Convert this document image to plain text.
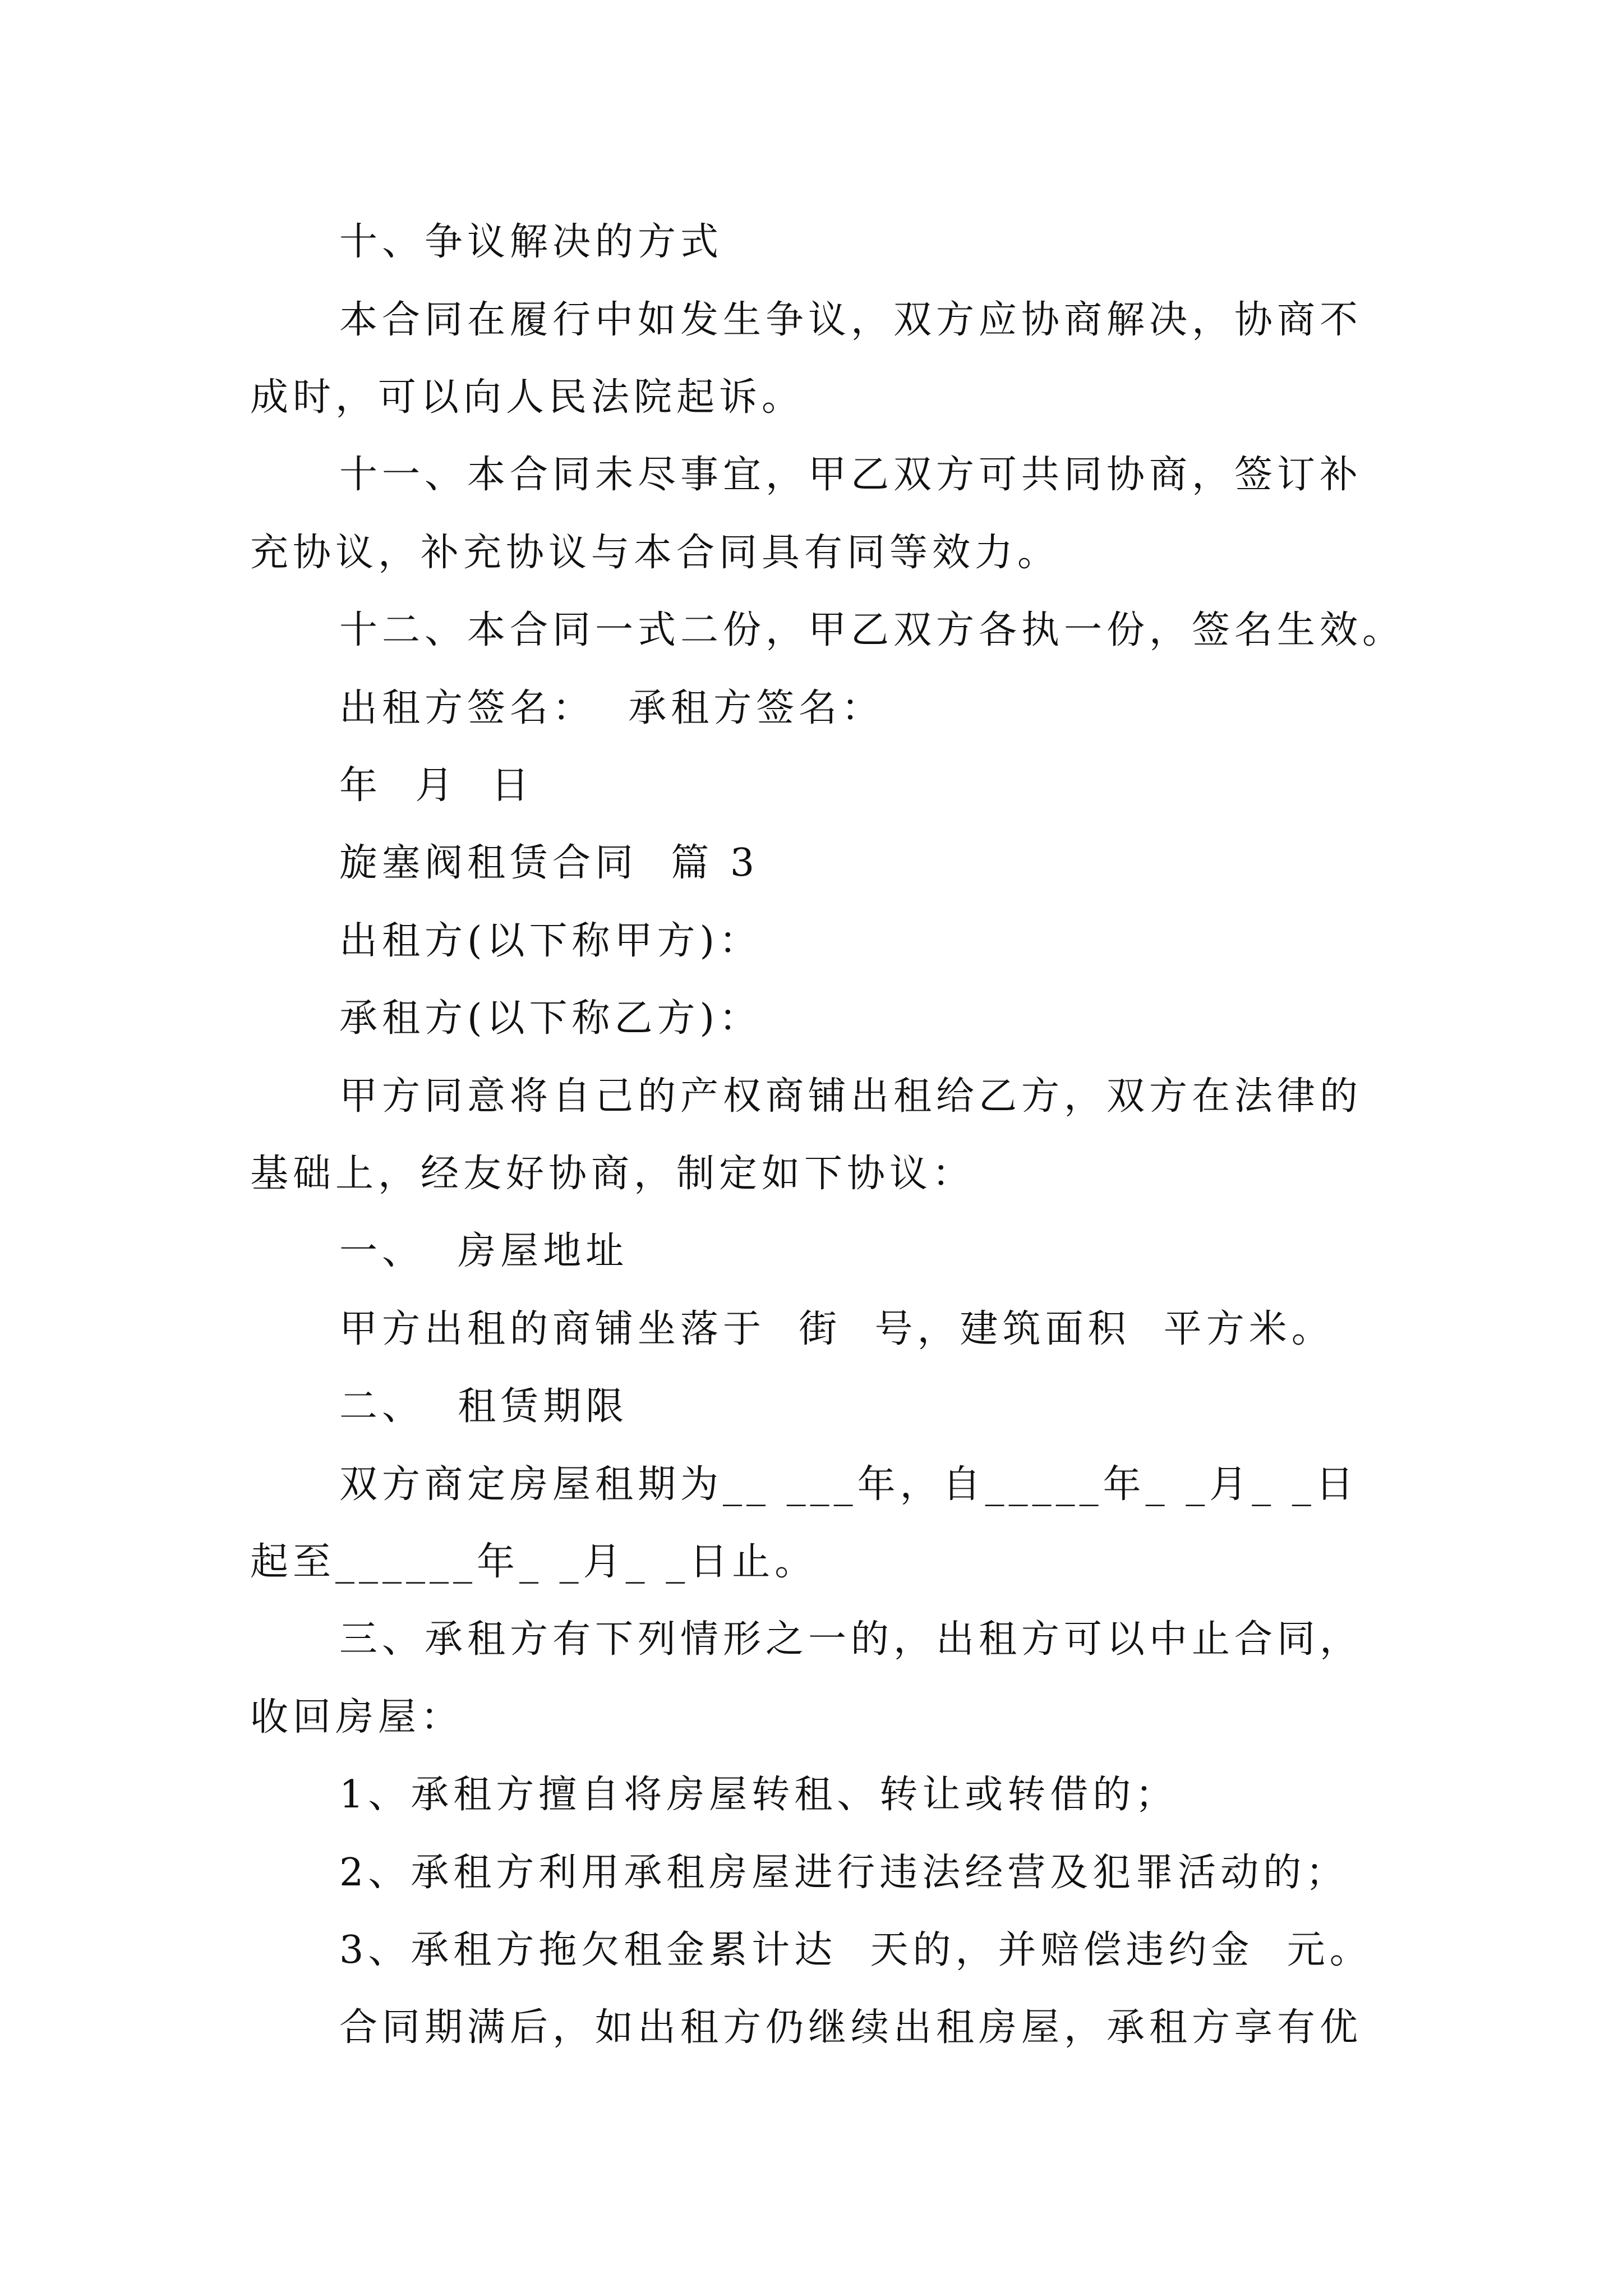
十、争议解决的方式
本合同在履行中如发生争议，双方应协商解决，协商不
成时，可以向人民法院起诉。
十一、本合同未尽事宜，甲乙双方可共同协商，签订补
充协议，补充协议与本合同具有同等效力。
十二、本合同一式二份，甲乙双方各执一份，签名生效。
出租方签名：  承租方签名：
年  月  日
旋塞阀租赁合同  篇 3
出租方(以下称甲方)：
承租方(以下称乙方)：
甲方同意将自己的产权商铺出租给乙方，双方在法律的
基础上，经友好协商，制定如下协议：
一、  房屋地址
甲方出租的商铺坐落于  街  号，建筑面积  平方米。
二、  租赁期限
双方商定房屋租期为__ ___年，自_____年_ _月_ _日
起至______年_ _月_ _日止。
三、承租方有下列情形之一的，出租方可以中止合同，
收回房屋：
1、承租方擅自将房屋转租、转让或转借的；
2、承租方利用承租房屋进行违法经营及犯罪活动的；
3、承租方拖欠租金累计达  天的，并赔偿违约金  元。
合同期满后，如出租方仍继续出租房屋，承租方享有优
